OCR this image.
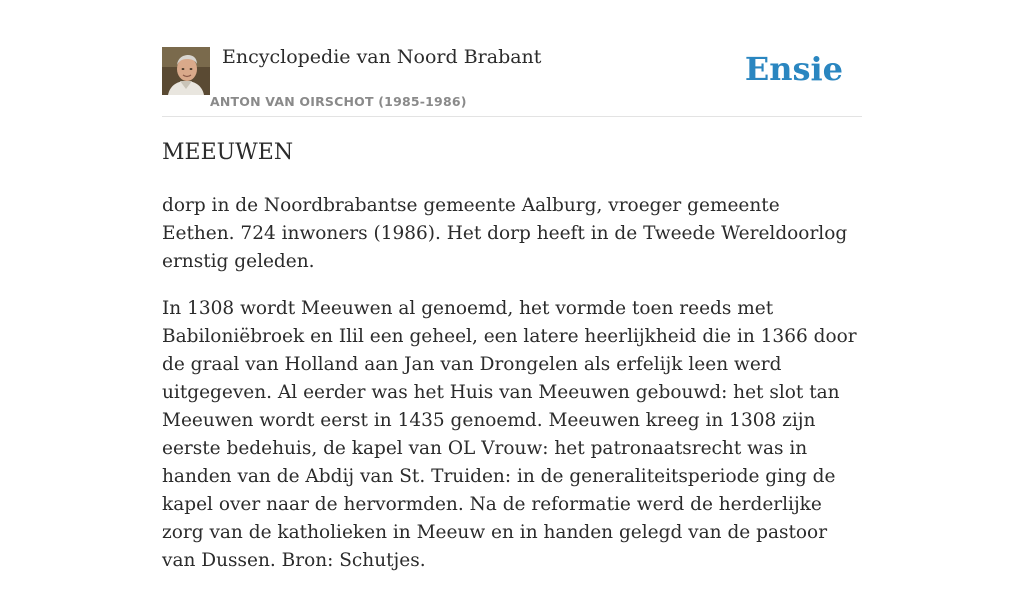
Encyclopedie van Noord Brabant
ANTON VAN OIRSCHOT (1985-1986)
Ensie
MEEUWEN

dorp in de Noordbrabantse gemeente Aalburg, vroeger gemeente Eethen. 724 inwoners (1986). Het dorp heeft in de Tweede Wereldoorlog ernstig geleden.

In 1308 wordt Meeuwen al genoemd, het vormde toen reeds met Babiloniëbroek en Ilil een geheel, een latere heerlijkheid die in 1366 door de graal van Holland aan Jan van Drongelen als erfelijk leen werd uitgegeven. Al eerder was het Huis van Meeuwen gebouwd: het slot tan Meeuwen wordt eerst in 1435 genoemd. Meeuwen kreeg in 1308 zijn eerste bedehuis, de kapel van OL Vrouw: het patronaatsrecht was in handen van de Abdij van St. Truiden: in de generaliteitsperiode ging de kapel over naar de hervormden. Na de reformatie werd de herderlijke zorg van de katholieken in Meeuw en in handen gelegd van de pastoor van Dussen. Bron: Schutjes.
